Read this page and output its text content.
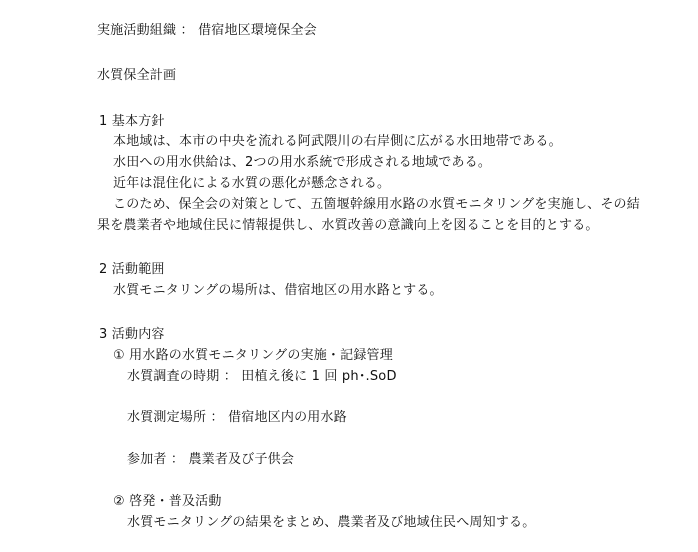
実施活動組織 ： 借宿地区環境保全会
水質保全計画
1 基本方針
本地域は、本市の中央を流れる阿武隈川の右岸側に広がる水田地帯である。
水田への用水供給は、2つの用水系統で形成される地域である。
近年は混住化による水質の悪化が懸念される。
このため、保全会の対策として、五箇堰幹線用水路の水質モニタリングを実施し、その結
果を農業者や地域住民に情報提供し、水質改善の意識向上を図ることを目的とする。
2 活動範囲
水質モニタリングの場所は、借宿地区の用水路とする。
3 活動内容
① 用水路の水質モニタリングの実施・記録管理
水質調査の時期 ： 田植え後に 1 回 ph･.SoD
水質測定場所 ： 借宿地区内の用水路
参加者 ： 農業者及び子供会
② 啓発・普及活動
水質モニタリングの結果をまとめ、農業者及び地域住民へ周知する。
